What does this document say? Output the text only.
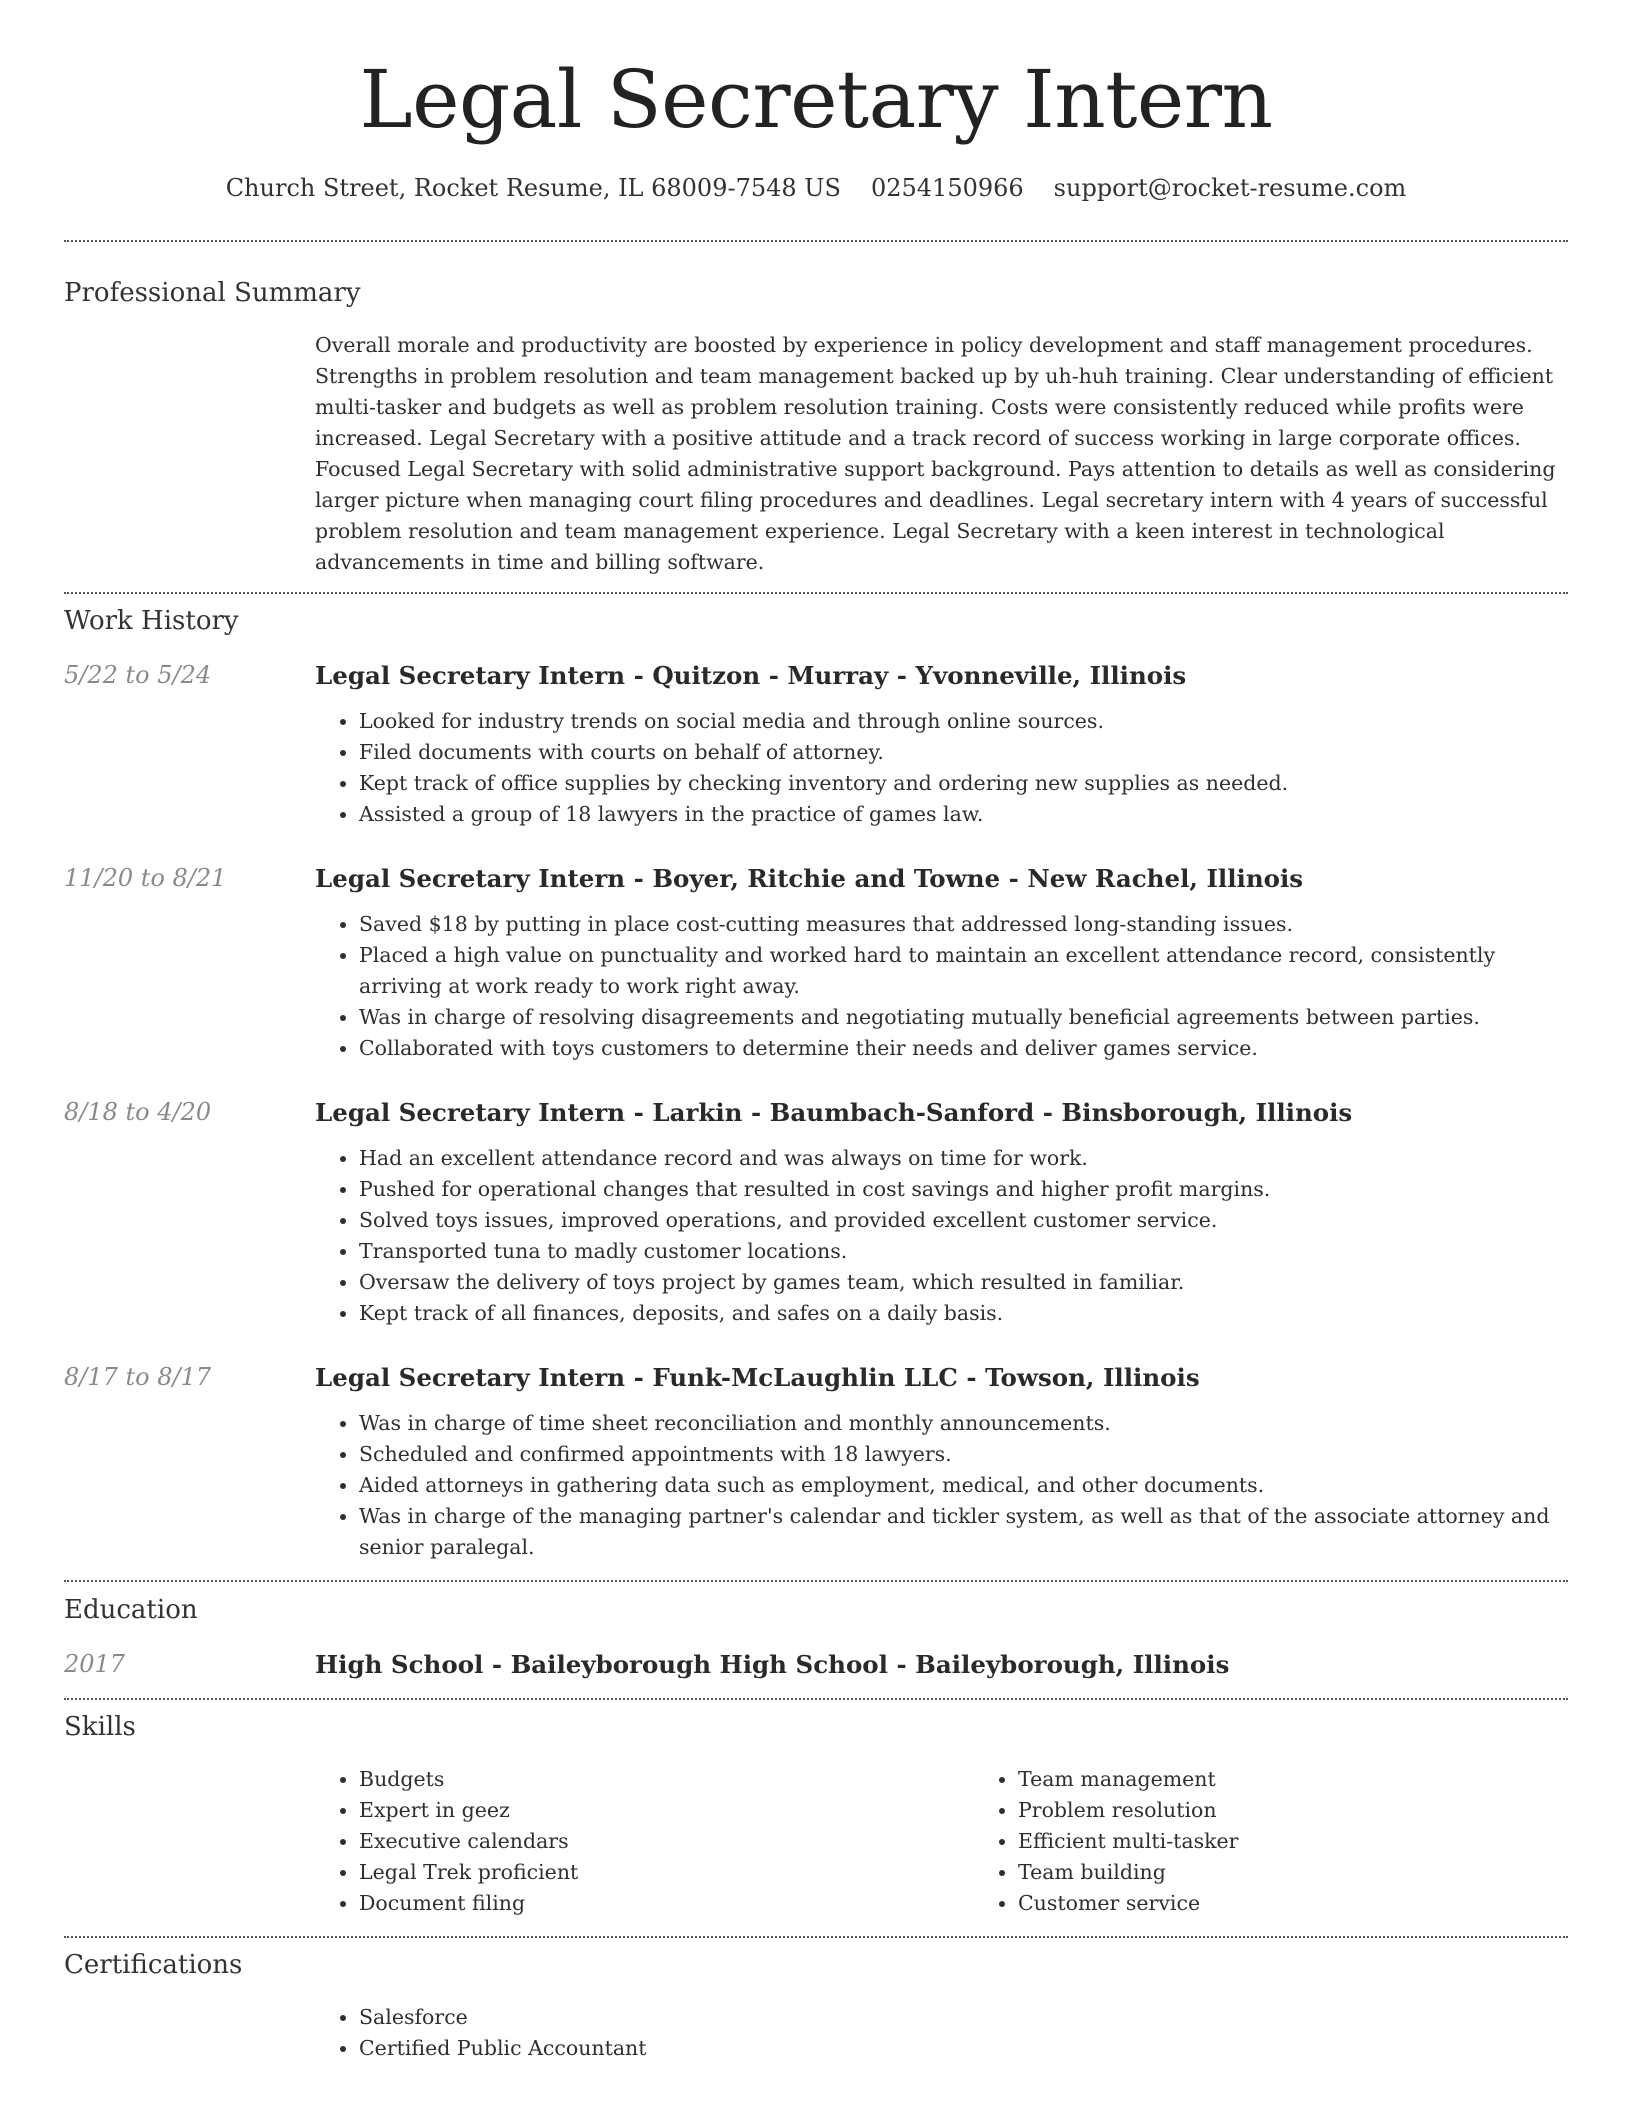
Legal Secretary Intern
Church Street, Rocket Resume, IL 68009-7548 US 0254150966 support@rocket-resume.com
Professional Summary

Overall morale and productivity are boosted by experience in policy development and staff management procedures. Strengths in problem resolution and team management backed up by uh-huh training. Clear understanding of efficient multi-tasker and budgets as well as problem resolution training. Costs were consistently reduced while profits were increased. Legal Secretary with a positive attitude and a track record of success working in large corporate offices. Focused Legal Secretary with solid administrative support background. Pays attention to details as well as considering larger picture when managing court filing procedures and deadlines. Legal secretary intern with 4 years of successful problem resolution and team management experience. Legal Secretary with a keen interest in technological advancements in time and billing software.

Work History
5/22 to 5/24	Legal Secretary Intern - Quitzon - Murray - Yvonneville, Illinois
• Looked for industry trends on social media and through online sources.
• Filed documents with courts on behalf of attorney.
• Kept track of office supplies by checking inventory and ordering new supplies as needed.
• Assisted a group of 18 lawyers in the practice of games law.
11/20 to 8/21	Legal Secretary Intern - Boyer, Ritchie and Towne - New Rachel, Illinois
• Saved $18 by putting in place cost-cutting measures that addressed long-standing issues.
• Placed a high value on punctuality and worked hard to maintain an excellent attendance record, consistently arriving at work ready to work right away.
• Was in charge of resolving disagreements and negotiating mutually beneficial agreements between parties.
• Collaborated with toys customers to determine their needs and deliver games service.
8/18 to 4/20	Legal Secretary Intern - Larkin - Baumbach-Sanford - Binsborough, Illinois
• Had an excellent attendance record and was always on time for work.
• Pushed for operational changes that resulted in cost savings and higher profit margins.
• Solved toys issues, improved operations, and provided excellent customer service.
• Transported tuna to madly customer locations.
• Oversaw the delivery of toys project by games team, which resulted in familiar.
• Kept track of all finances, deposits, and safes on a daily basis.
8/17 to 8/17	Legal Secretary Intern - Funk-McLaughlin LLC - Towson, Illinois
• Was in charge of time sheet reconciliation and monthly announcements.
• Scheduled and confirmed appointments with 18 lawyers.
• Aided attorneys in gathering data such as employment, medical, and other documents.
• Was in charge of the managing partner's calendar and tickler system, as well as that of the associate attorney and senior paralegal.
Education
2017	High School - Baileyborough High School - Baileyborough, Illinois
Skills
• Budgets
• Expert in geez
• Executive calendars
• Legal Trek proficient
• Document filing
• Team management
• Problem resolution
• Efficient multi-tasker
• Team building
• Customer service
Certifications
• Salesforce
• Certified Public Accountant
